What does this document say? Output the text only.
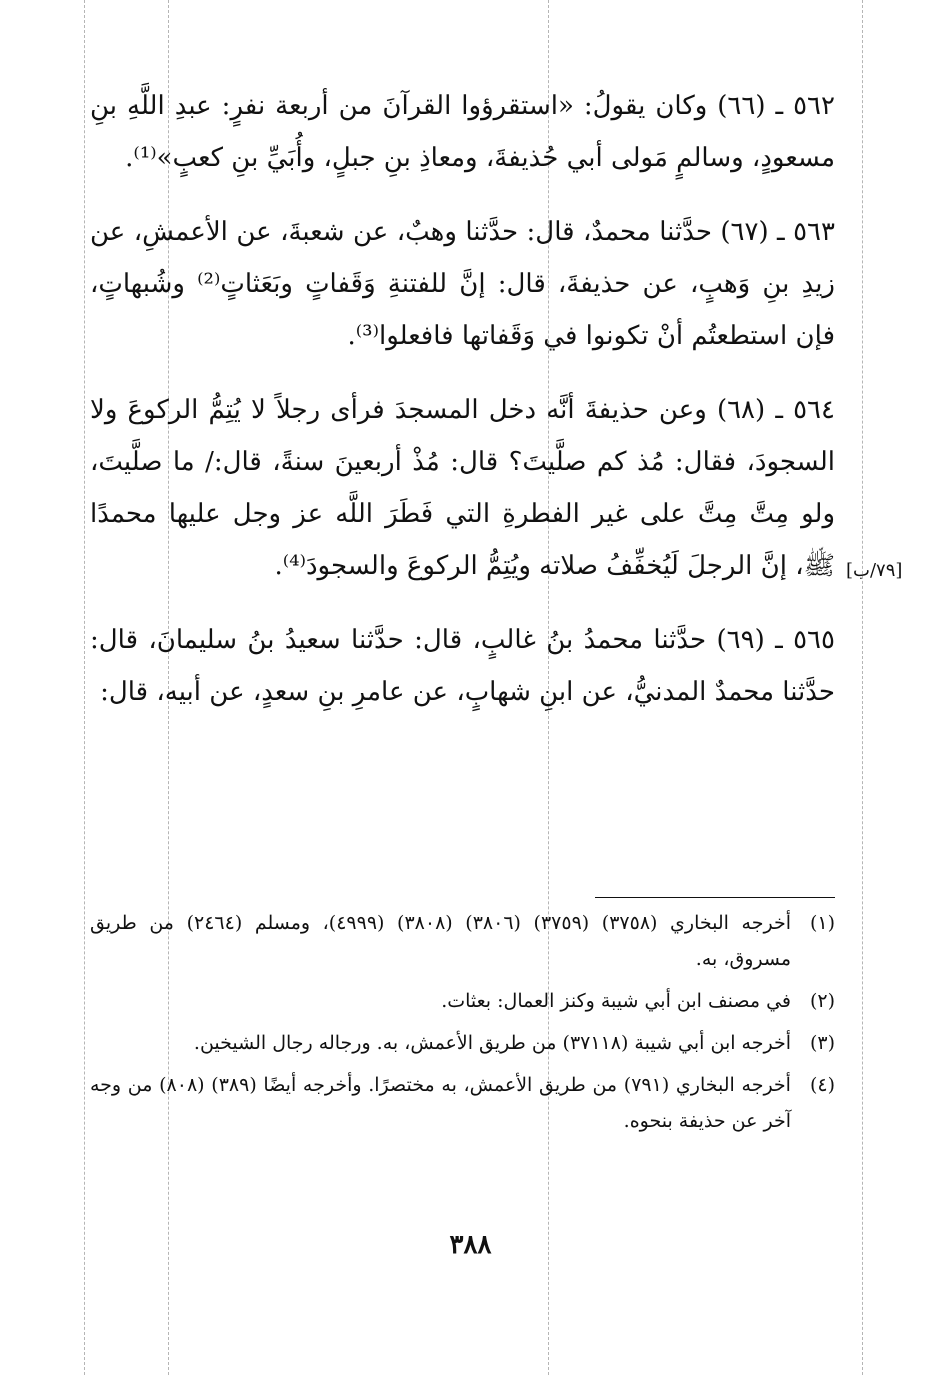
٥٦٢ ـ (٦٦) وكان يقولُ: «استقرؤوا القرآنَ من أربعة نفرٍ: عبدِ اللَّهِ بنِ مسعودٍ، وسالمٍ مَولى أبي حُذيفةَ، ومعاذِ بنِ جبلٍ، وأُبَيِّ بنِ كعبٍ»⁽¹⁾.

٥٦٣ ـ (٦٧) حدَّثنا محمدٌ، قال: حدَّثنا وهبٌ، عن شعبةَ، عن الأعمشِ، عن زيدِ بنِ وَهبٍ، عن حذيفةَ، قال: إنَّ للفتنةِ وَقَفاتٍ وبَعَثاتٍ⁽²⁾ وشُبهاتٍ، فإن استطعتُم أنْ تكونوا في وَقَفاتها فافعلوا⁽³⁾.

٥٦٤ ـ (٦٨) وعن حذيفةَ أنَّه دخل المسجدَ فرأى رجلاً لا يُتِمُّ الركوعَ ولا السجودَ، فقال: مُذ كم صلَّيتَ؟ قال: مُذْ أربعينَ سنةً، قال:/ ما صلَّيتَ، ولو مِتَّ مِتَّ على غير الفطرةِ التي فَطَرَ اللَّه عز وجل عليها محمدًا ﷺ، إنَّ الرجلَ لَيُخفِّفُ صلاته ويُتِمُّ الركوعَ والسجودَ⁽⁴⁾.

٥٦٥ ـ (٦٩) حدَّثنا محمدُ بنُ غالبٍ، قال: حدَّثنا سعيدُ بنُ سليمانَ، قال: حدَّثنا محمدٌ المدنيُّ، عن ابنِ شهابٍ، عن عامرِ بنِ سعدٍ، عن أبيه، قال:

[٧٩/ب]
(١)
أخرجه البخاري (٣٧٥٨) (٣٧٥٩) (٣٨٠٦) (٣٨٠٨) (٤٩٩٩)، ومسلم (٢٤٦٤) من طريق مسروق، به.
(٢)
في مصنف ابن أبي شيبة وكنز العمال: بعثات.
(٣)
أخرجه ابن أبي شيبة (٣٧١١٨) من طريق الأعمش، به. ورجاله رجال الشيخين.
(٤)
أخرجه البخاري (٧٩١) من طريق الأعمش، به مختصرًا. وأخرجه أيضًا (٣٨٩) (٨٠٨) من وجه آخر عن حذيفة بنحوه.
٣٨٨
